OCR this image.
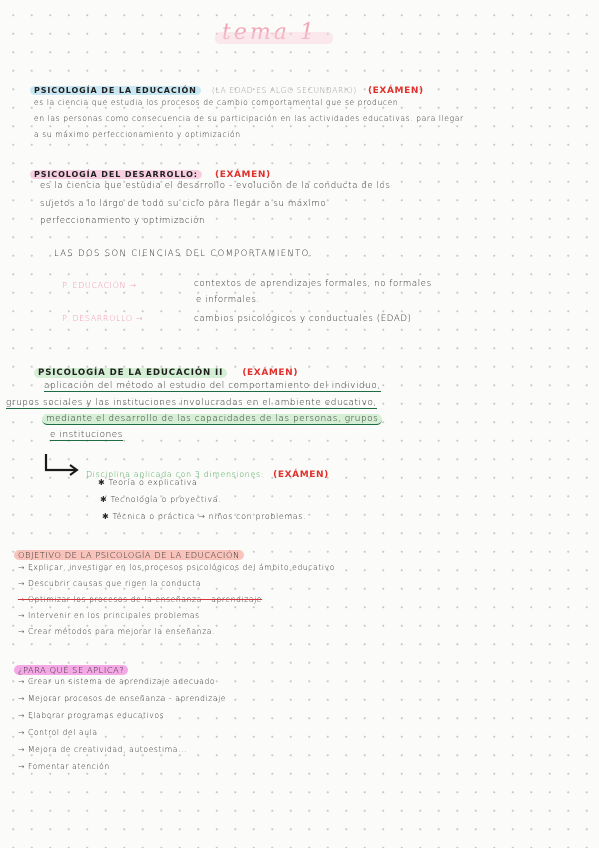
tema 1
PSICOLOGÍA DE LA EDUCACIÓN (LA EDAD ES ALGO SECUNDARIO) (EXÁMEN)
es la ciencia que estudia los procesos de cambio comportamental que se producen
en las personas como consecuencia de su participación en las actividades educativas. para llegar
a su máximo perfeccionamiento y optimización
PSICOLOGÍA DEL DESARROLLO: (EXÁMEN)
es la ciencia que estudia el desarrollo - evolución de la conducta de los
sujetos a lo largo de todo su ciclo para llegar a su máximo
perfeccionamiento y optimización
LAS DOS SON CIENCIAS DEL COMPORTAMIENTO.
P. EDUCACIÓN →	contextos de aprendizajes formales, no formales
e informales.
P. DESARROLLO →	cambios psicológicos y conductuales (EDAD)
PSICOLOGÍA DE LA EDUCACIÓN II (EXÁMEN)
aplicación del método al estudio del comportamiento del individuo,
grupos sociales y las instituciones involucradas en el ambiente educativo,
mediante el desarrollo de las capacidades de las personas, grupos
e instituciones
Disciplina aplicada con 3 dimensiones: (EXÁMEN)
✱ Teoría o explicativa
✱ Tecnología o proyectiva.
✱ Técnica o práctica → niños con problemas.
OBJETIVO DE LA PSICOLOGÍA DE LA EDUCACIÓN
→ Explicar, investigar en los procesos psicológicos del ámbito educativo
→ Descubrir causas que rigen la conducta
→ Optimizar los procesos de la enseñanza - aprendizaje
→ Intervenir en los principales problemas
→ Crear métodos para mejorar la enseñanza.
¿PARA QUÉ SE APLICA?
→ Crear un sistema de aprendizaje adecuado
→ Mejorar procesos de enseñanza - aprendizaje
→ Elaborar programas educativos
→ Control del aula
→ Mejora de creatividad, autoestima...
→ Fomentar atención
